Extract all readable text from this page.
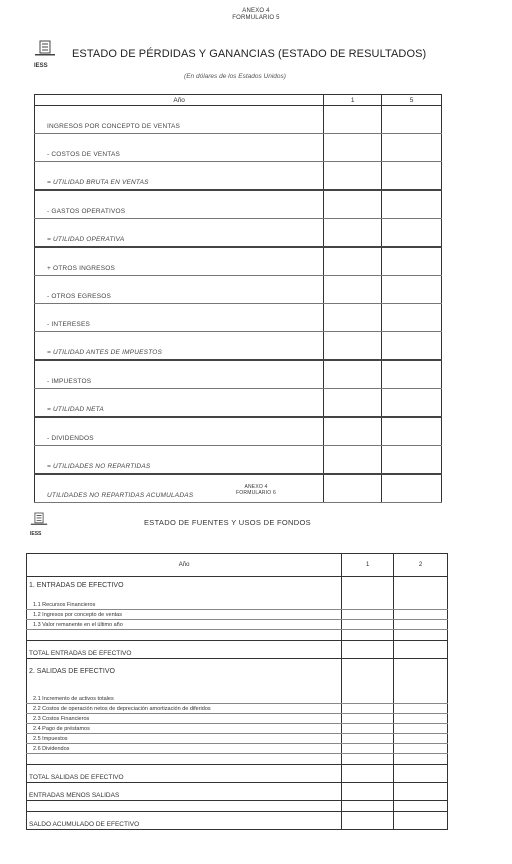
ANEXO 4
FORMULARIO 5
IESS
ESTADO DE PÉRDIDAS Y GANANCIAS (ESTADO DE RESULTADOS)
(En dólares de los Estados Unidos)
Año	1	5
INGRESOS POR CONCEPTO DE VENTAS		
- COSTOS DE VENTAS		
= UTILIDAD BRUTA EN VENTAS		
- GASTOS OPERATIVOS		
= UTILIDAD OPERATIVA		
+ OTROS INGRESOS		
- OTROS EGRESOS		
- INTERESES		
= UTILIDAD ANTES DE IMPUESTOS		
- IMPUESTOS		
= UTILIDAD NETA		
- DIVIDENDOS		
= UTILIDADES NO REPARTIDAS		
UTILIDADES NO REPARTIDAS ACUMULADAS		
ANEXO 4
FORMULARIO 6
IESS
ESTADO DE FUENTES Y USOS DE FONDOS
Año	1	2
1. ENTRADAS DE EFECTIVO		

1.1 Recursos Financieros		
1.2 Ingresos por concepto de ventas		
1.3 Valor remanente en el último año		

TOTAL ENTRADAS DE EFECTIVO		
2. SALIDAS DE EFECTIVO		

2.1 Incremento de activos totales		
2.2 Costos de operación netos de depreciación amortización de diferidos		
2.3 Costos Financieros		
2.4 Pago de préstamos		
2.5 Impuestos		
2.6 Dividendos		

TOTAL SALIDAS DE EFECTIVO		
ENTRADAS MENOS SALIDAS		

SALDO ACUMULADO DE EFECTIVO		
